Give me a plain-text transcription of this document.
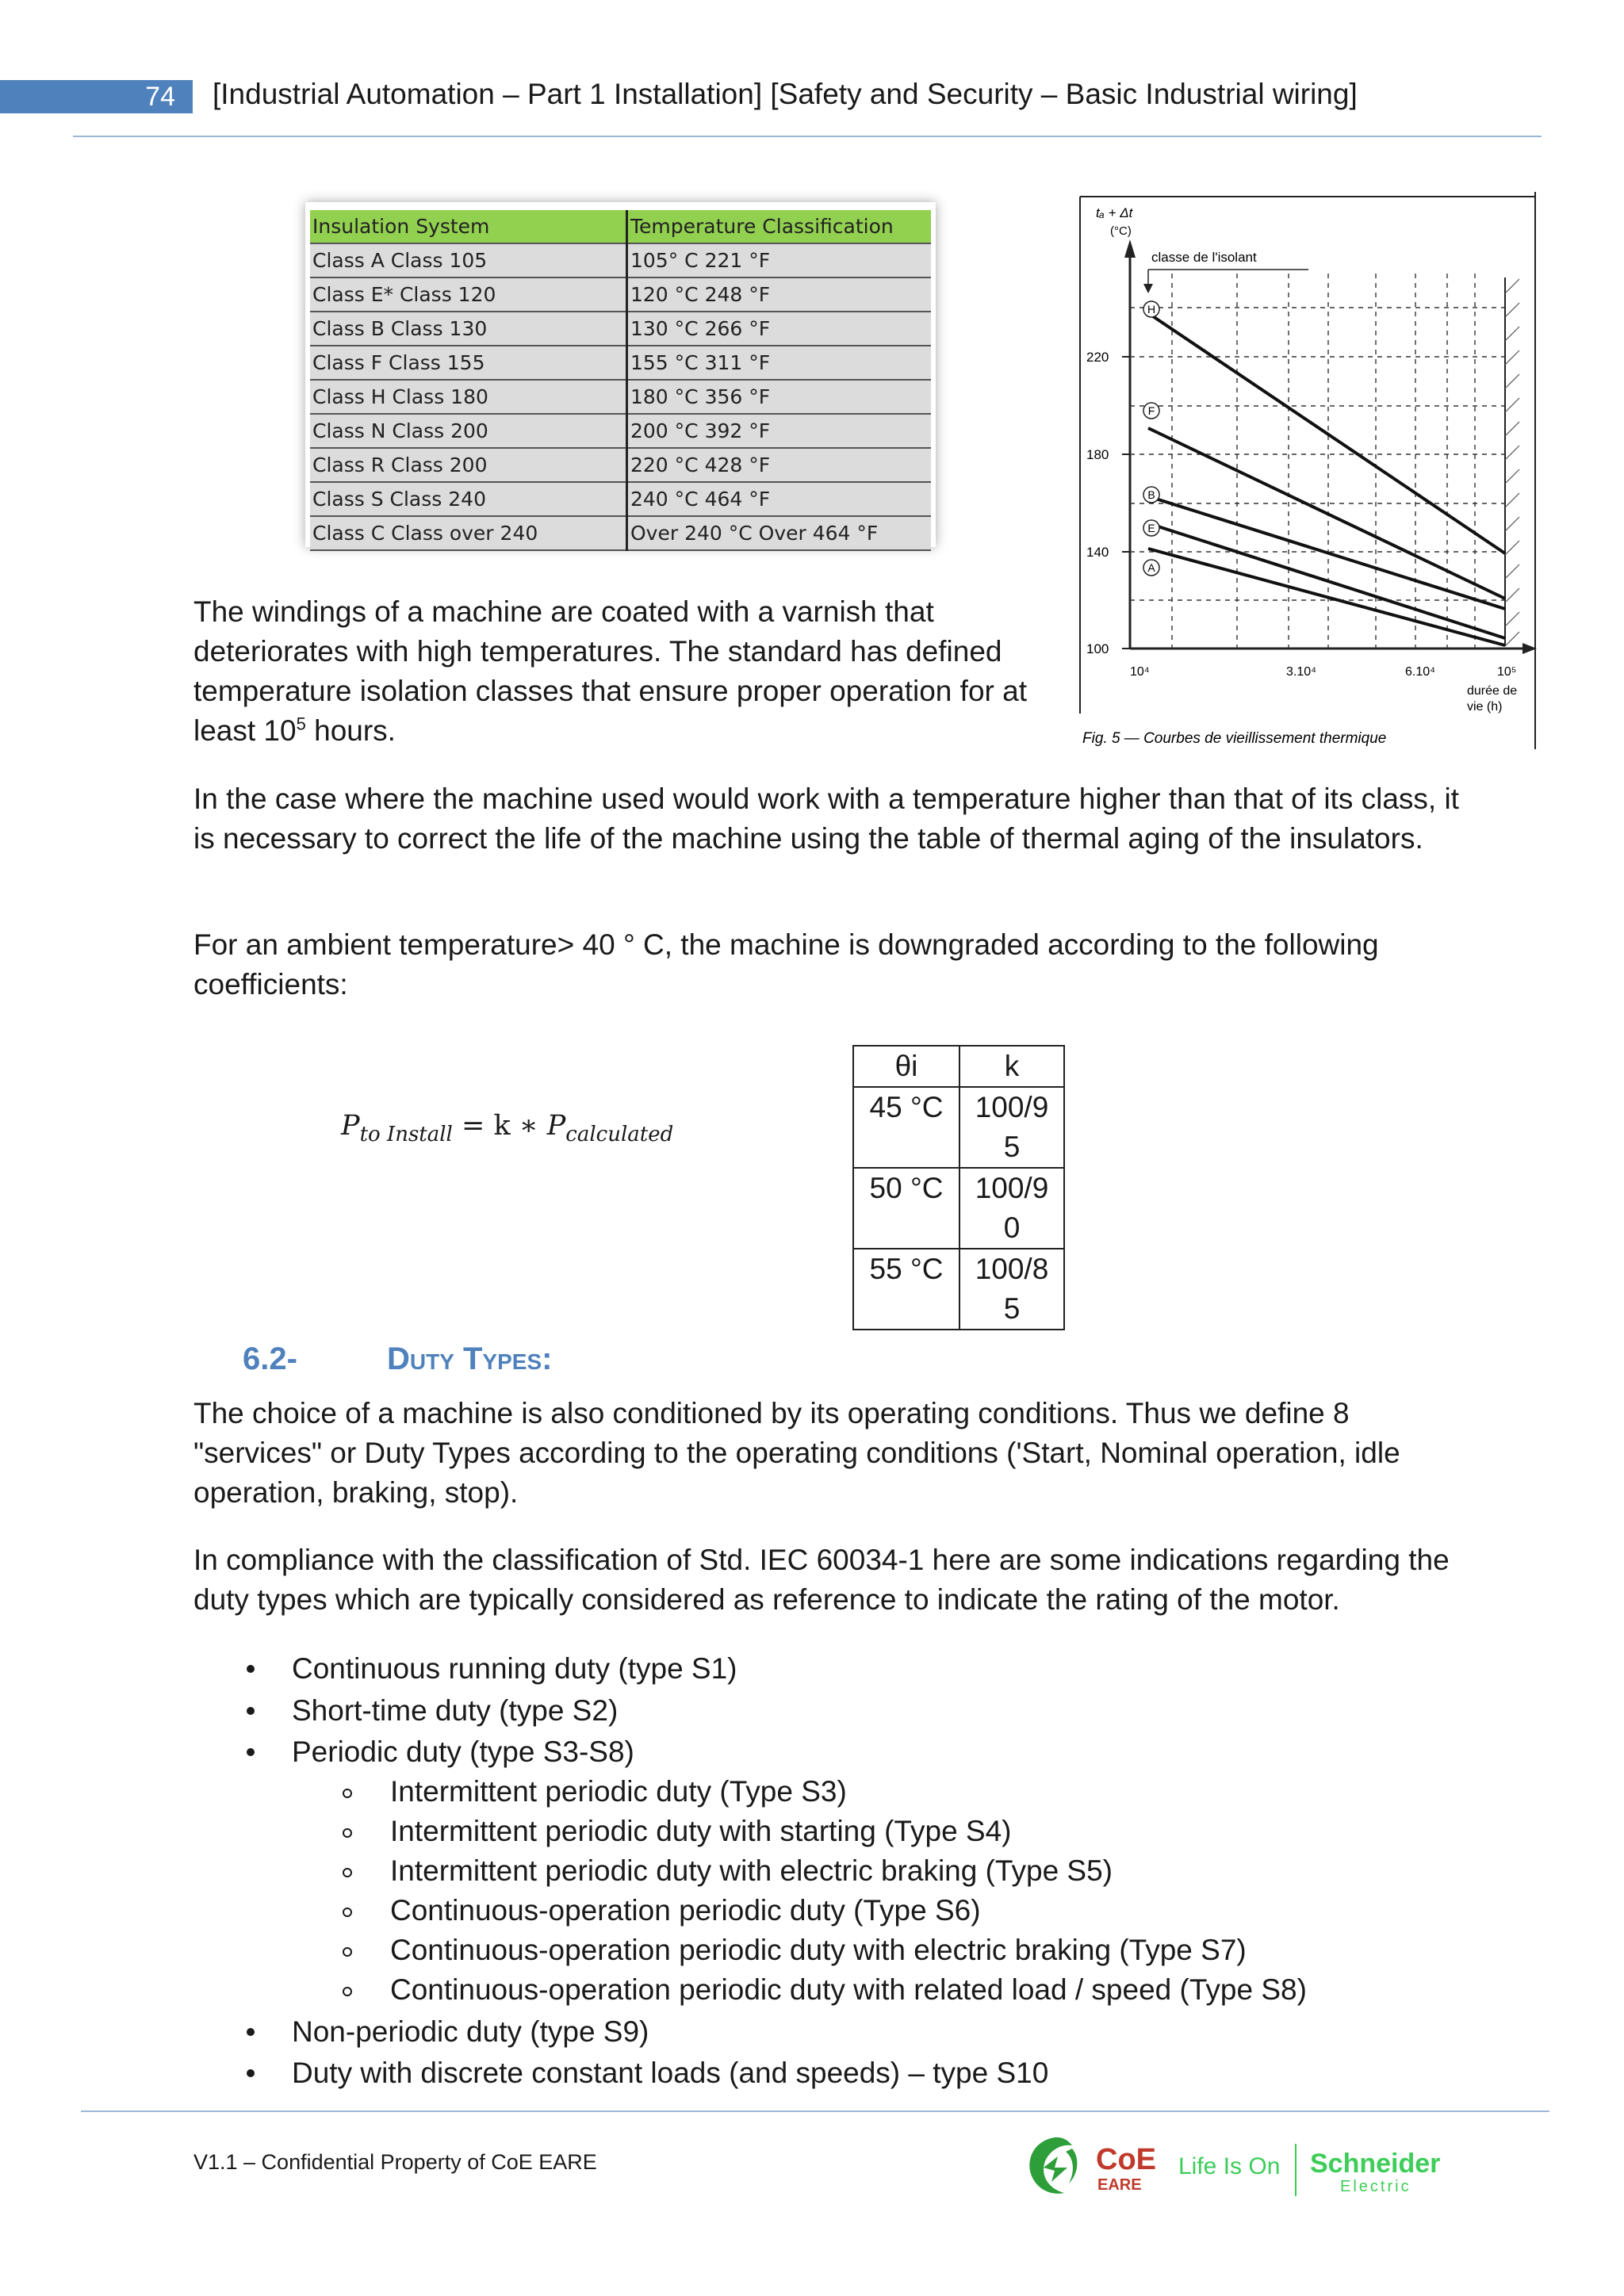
74	[Industrial Automation – Part 1 Installation] [Safety and Security – Basic Industrial wiring]
Insulation System	Temperature Classification
Class A Class 105	105° C 221 °F
Class E* Class 120	120 °C 248 °F
Class B Class 130	130 °C 266 °F
Class F Class 155	155 °C 311 °F
Class H Class 180	180 °C 356 °F
Class N Class 200	200 °C 392 °F
Class R Class 200	220 °C 428 °F
Class S Class 240	240 °C 464 °F
Class C Class over 240	Over 240 °C Over 464 °F
H
F
B
E
A
tₐ + Δt
(°C)
classe de l'isolant
220
180
140
100
10⁴	3.10⁴	6.10⁴	10⁵
durée de
vie (h)
Fig. 5 — Courbes de vieillissement thermique

The windings of a machine are coated with a varnish that deteriorates with high temperatures. The standard has defined temperature isolation classes that ensure proper operation for at least $10^5$ hours.

In the case where the machine used would work with a temperature higher than that of its class, it is necessary to correct the life of the machine using the table of thermal aging of the insulators.

For an ambient temperature> 40 ° C, the machine is downgraded according to the following coefficients:

$P_{to Install} = k$ ∗ $P_{calculated}$
θi	k
45 °C	100/9
5

50 °C	100/9
0

55 °C	100/8
5
6.2-	Duty Types:

The choice of a machine is also conditioned by its operating conditions. Thus we define 8 "services" or Duty Types according to the operating conditions ('Start, Nominal operation, idle operation, braking, stop).

In compliance with the classification of Std. IEC 60034-1 here are some indications regarding the duty types which are typically considered as reference to indicate the rating of the motor.

Continuous running duty (type S1)
Short-time duty (type S2)
Periodic duty (type S3-S8)
Intermittent periodic duty (Type S3)
Intermittent periodic duty with starting (Type S4)
Intermittent periodic duty with electric braking (Type S5)
Continuous-operation periodic duty (Type S6)
Continuous-operation periodic duty with electric braking (Type S7)
Continuous-operation periodic duty with related load / speed (Type S8)
Non-periodic duty (type S9)
Duty with discrete constant loads (and speeds) – type S10
V1.1 – Confidential Property of CoE EARE	CoE
EARE
Life Is On Schneider
Electric
